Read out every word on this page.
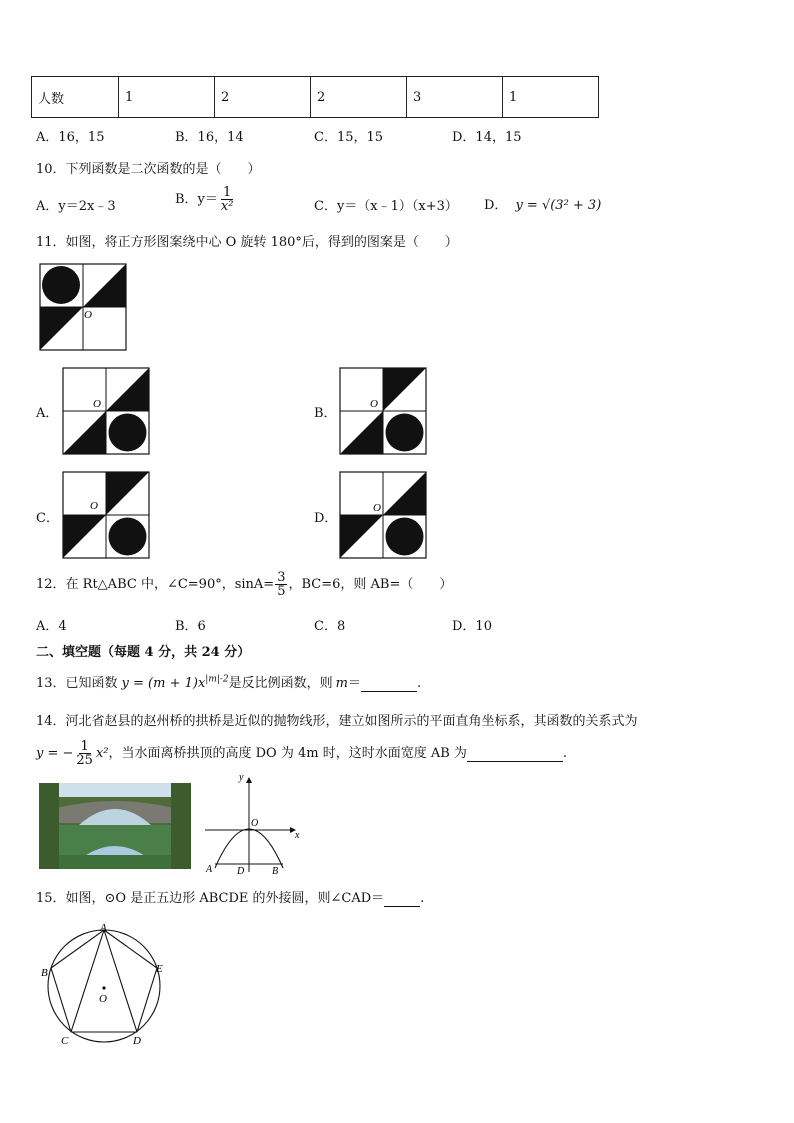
人数	1	2	2	3	1
A．16，15	B．16，14	C．15，15	D．14，15
10．下列函数是二次函数的是（　　）
A．y＝2x﹣3	B．$y= \frac{1}{\text{x²}}$	C．y＝（x﹣1）（x+3） D． y = √(3² + 3)
11．如图，将正方形图案绕中心 O 旋转 180°后，得到的图案是（　　）
O
A．
O
B．
O
C．
O
D．
O
12．在 Rt△ABC 中，∠C=90°，$\sin A= \frac{3}{5}$ ，BC=6，则 AB=（　　）
A．4	B．6	C．8	D．10
二、填空题（每题 4 分，共 24 分）
13．已知函数 $y = (m + 1)x^{|m|-2}$是反比例函数，则 m＝	.
14．河北省赵县的赵州桥的拱桥是近似的抛物线形，建立如图所示的平面直角坐标系，其函数的关系式为
y = − $\frac{1}{25} x^2$，当水面离桥拱顶的高度 DO 为 4m 时，这时水面宽度 AB 为	.
y
x
O
A D	B
15．如图，⊙O 是正五边形 ABCDE 的外接圆，则∠CAD＝	.
A
B
C	D
E
O
